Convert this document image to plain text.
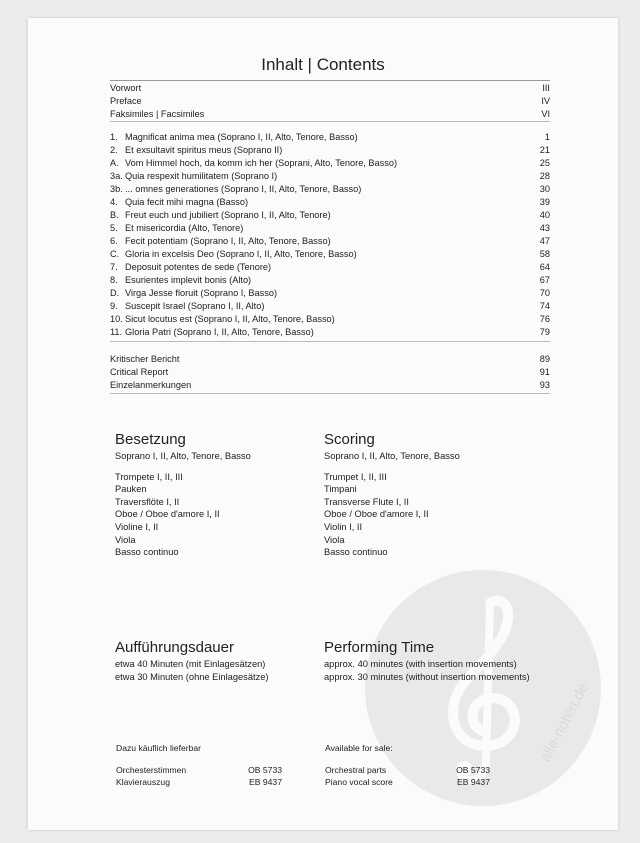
alle-noten.de
Inhalt | Contents
Vorwort	III
Preface	IV
Faksimiles | Facsimiles	VI
1. Magnificat anima mea (Soprano I, II, Alto, Tenore, Basso)	1
2. Et exsultavit spiritus meus (Soprano II)	21
A. Vom Himmel hoch, da komm ich her (Soprani, Alto, Tenore, Basso)	25
3a. Quia respexit humilitatem (Soprano I)	28
3b. ... omnes generationes (Soprano I, II, Alto, Tenore, Basso)	30
4. Quia fecit mihi magna (Basso)	39
B. Freut euch und jubiliert (Soprano I, II, Alto, Tenore)	40
5. Et misericordia (Alto, Tenore)	43
6. Fecit potentiam (Soprano I, II, Alto, Tenore, Basso)	47
C. Gloria in excelsis Deo (Soprano I, II, Alto, Tenore, Basso)	58
7. Deposuit potentes de sede (Tenore)	64
8. Esurientes implevit bonis (Alto)	67
D. Virga Jesse floruit (Soprano I, Basso)	70
9. Suscepit Israel (Soprano I, II, Alto)	74
10. Sicut locutus est (Soprano I, II, Alto, Tenore, Basso)	76
11. Gloria Patri (Soprano I, II, Alto, Tenore, Basso)	79
Kritischer Bericht	89
Critical Report	91
Einzelanmerkungen	93
Besetzung
Soprano I, II, Alto, Tenore, Basso
Trompete I, II, III
Pauken
Traversflöte I, II
Oboe / Oboe d'amore I, II
Violine I, II
Viola
Basso continuo
Scoring
Soprano I, II, Alto, Tenore, Basso
Trumpet I, II, III
Timpani
Transverse Flute I, II
Oboe / Oboe d'amore I, II
Violin I, II
Viola
Basso continuo
Aufführungsdauer
etwa 40 Minuten (mit Einlagesätzen)
etwa 30 Minuten (ohne Einlagesätze)
Performing Time
approx. 40 minutes (with insertion movements)
approx. 30 minutes (without insertion movements)
Dazu käuflich lieferbar
Orchesterstimmen	OB 5733
Klavierauszug	EB 9437
Available for sale:
Orchestral parts	OB 5733
Piano vocal score	EB 9437
